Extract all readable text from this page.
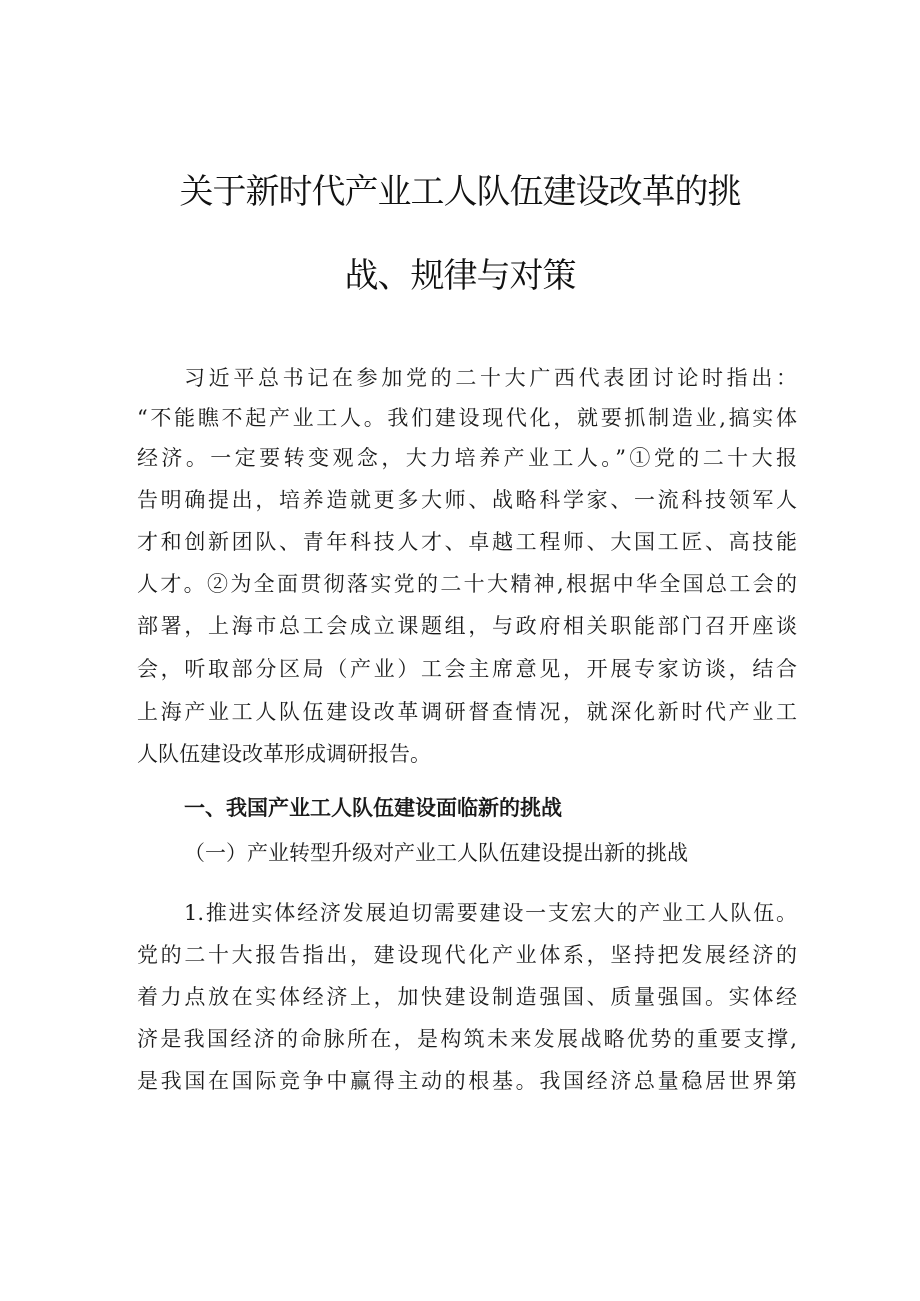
关于新时代产业工人队伍建设改革的挑
战、规律与对策
习近平总书记在参加党的二十大广西代表团讨论时指出：
“不能瞧不起产业工人。我们建设现代化，就要抓制造业,搞实体
经济。一定要转变观念，大力培养产业工人。”①党的二十大报
告明确提出，培养造就更多大师、战略科学家、一流科技领军人
才和创新团队、青年科技人才、卓越工程师、大国工匠、高技能
人才。②为全面贯彻落实党的二十大精神,根据中华全国总工会的
部署，上海市总工会成立课题组，与政府相关职能部门召开座谈
会，听取部分区局（产业）工会主席意见，开展专家访谈，结合
上海产业工人队伍建设改革调研督查情况，就深化新时代产业工
人队伍建设改革形成调研报告。
一、我国产业工人队伍建设面临新的挑战
（一）产业转型升级对产业工人队伍建设提出新的挑战
1.推进实体经济发展迫切需要建设一支宏大的产业工人队伍。
党的二十大报告指出，建设现代化产业体系，坚持把发展经济的
着力点放在实体经济上，加快建设制造强国、质量强国。实体经
济是我国经济的命脉所在，是构筑未来发展战略优势的重要支撑,
是我国在国际竞争中赢得主动的根基。我国经济总量稳居世界第
